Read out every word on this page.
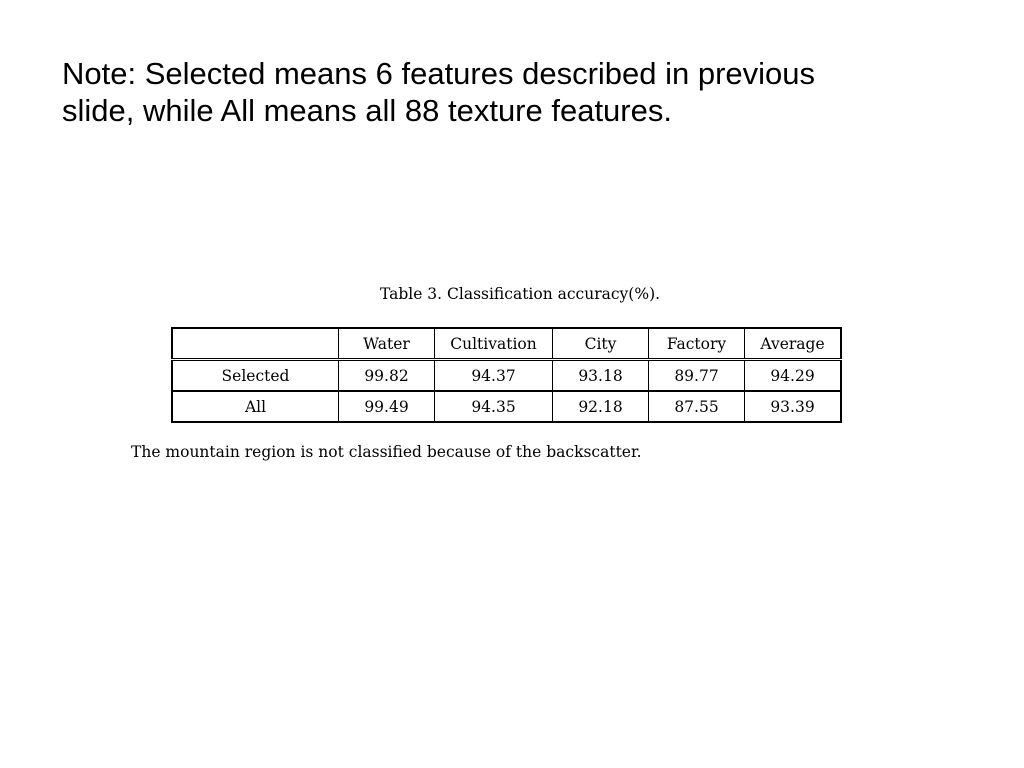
Note: Selected means 6 features described in previous
slide, while All means all 88 texture features.
Table 3. Classification accuracy(%).
	Water	Cultivation	City	Factory	Average
Selected	99.82	94.37	93.18	89.77	94.29
All	99.49	94.35	92.18	87.55	93.39
The mountain region is not classified because of the backscatter.
